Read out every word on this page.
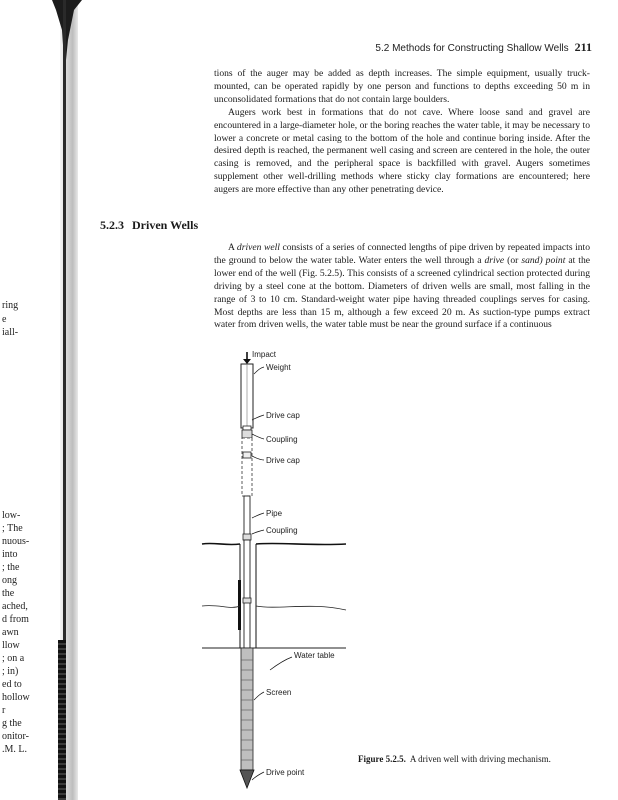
ring
e
iall-
low-
; The
nuous-
into
; the
ong
the
ached,
d from
awn
llow
; on a
; in)
ed to
hollow
r
g the
onitor-
.M. L.
5.2 Methods for Constructing Shallow Wells 211

tions of the auger may be added as depth increases. The simple equipment, usually truck-mounted, can be operated rapidly by one person and functions to depths exceeding 50 m in unconsolidated formations that do not contain large boulders.

Augers work best in formations that do not cave. Where loose sand and gravel are encountered in a large-diameter hole, or the boring reaches the water table, it may be necessary to lower a concrete or metal casing to the bottom of the hole and continue boring inside. After the desired depth is reached, the permanent well casing and screen are centered in the hole, the outer casing is removed, and the peripheral space is backfilled with gravel. Augers sometimes supplement other well-drilling methods where sticky clay formations are encountered; here augers are more effective than any other penetrating device.

5.2.3 Driven Wells

A driven well consists of a series of connected lengths of pipe driven by repeated impacts into the ground to below the water table. Water enters the well through a drive (or sand) point at the lower end of the well (Fig. 5.2.5). This consists of a screened cylindrical section protected during driving by a steel cone at the bottom. Diameters of driven wells are small, most falling in the range of 3 to 10 cm. Standard-weight water pipe having threaded couplings serves for casing. Most depths are less than 15 m, although a few exceed 20 m. As suction-type pumps extract water from driven wells, the water table must be near the ground surface if a continuous

Impact
Weight
Drive cap
Coupling
Drive cap
Pipe
Coupling
Water table
Screen
Drive point
Figure 5.2.5. A driven well with driving mechanism.
